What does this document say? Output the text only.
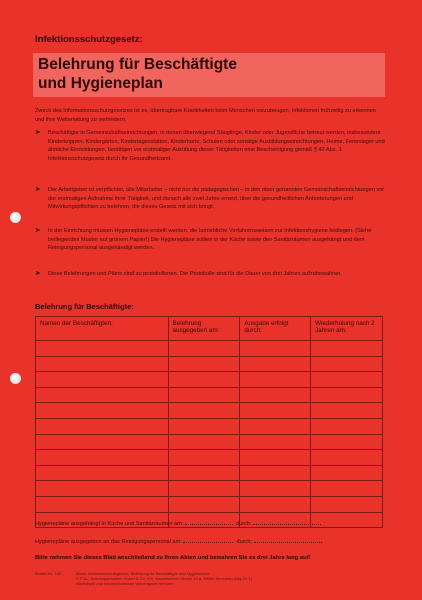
Infektionsschutzgesetz:
Belehrung für Beschäftigte
und Hygieneplan
Zweck des Informationsschutzgesetzes ist es, übertragbare Krankheiten beim Menschen vorzubeugen, Infektionen frühzeitig zu erkennen und ihre Weiterleitung zu verhindern.
➤ Beschäftigte in Gemeinschaftseinrichtungen, in denen überwiegend Säuglinge, Kinder oder Jugendliche betreut werden, insbesondere Kinderkrippen, Kindergärten, Kindertagesstätten, Kinderhorte, Schulen oder sonstige Ausbildungseinrichtungen, Heime, Ferienlager und ähnliche Einrichtungen, benötigen vor erstmaliger Ausübung dieser Tätigkeiten eine Bescheinigung gemäß § 43 Abs. 1 Infektionsschutzgesetz durch ihr Gesundheitsamt.
➤ Der Arbeitgeber ist verpflichtet, alle Mitarbeiter – nicht nur die pädagogischen – in den oben genannten Gemeinschaftseinrichtungen vor der erstmaligen Aufnahme ihrer Tätigkeit, und danach alle zwei Jahre erneut, über die gesundheitlichen Anforderungen und Mitwirkungspflichten zu belehren, die dieses Gesetz mit sich bringt.
➤ In der Einrichtung müssen Hygienepläne erstellt werden, die betriebliche Verfahrensweisen zur Infektionshygiene festlegen. (Siehe beiliegendes Muster auf grünem Papier!) Die Hygienepläne sollten in der Küche sowie den Sanitärräumen ausgehängt und dem Reinigungspersonal ausgehändigt werden.
➤ Diese Belehrungen und Pläne sind zu protokollieren. Die Protokolle sind für die Dauer von drei Jahren aufzubewahren.
Belehrung für Beschäftigte:
Namen der Beschäftigten:	Belehrung ausgegeben am:	Ausgabe erfolgt durch:	Wiederholung nach 2 Jahren am:

Hygienepläne ausgehängt in Küche und Sanitärräumen am:	durch:
Hygienepläne ausgegeben an das Reinigungspersonal am:	durch:
Bitte nehmen Sie dieses Blatt anschließend zu Ihren Akten und bewahren Sie es drei Jahre lang auf!
Bestell-Nr. 100	Block: Infektionsschutzgesetz: Belehrung für Beschäftigte und Hygieneplan
© P.&L. Schulorganisation GmbH & Co. KG, Neuenheimer Straße 10 a, 69399 Neckarau (Obj-22-1)
Nachdruck und fotomechanische Wiedergabe verboten
